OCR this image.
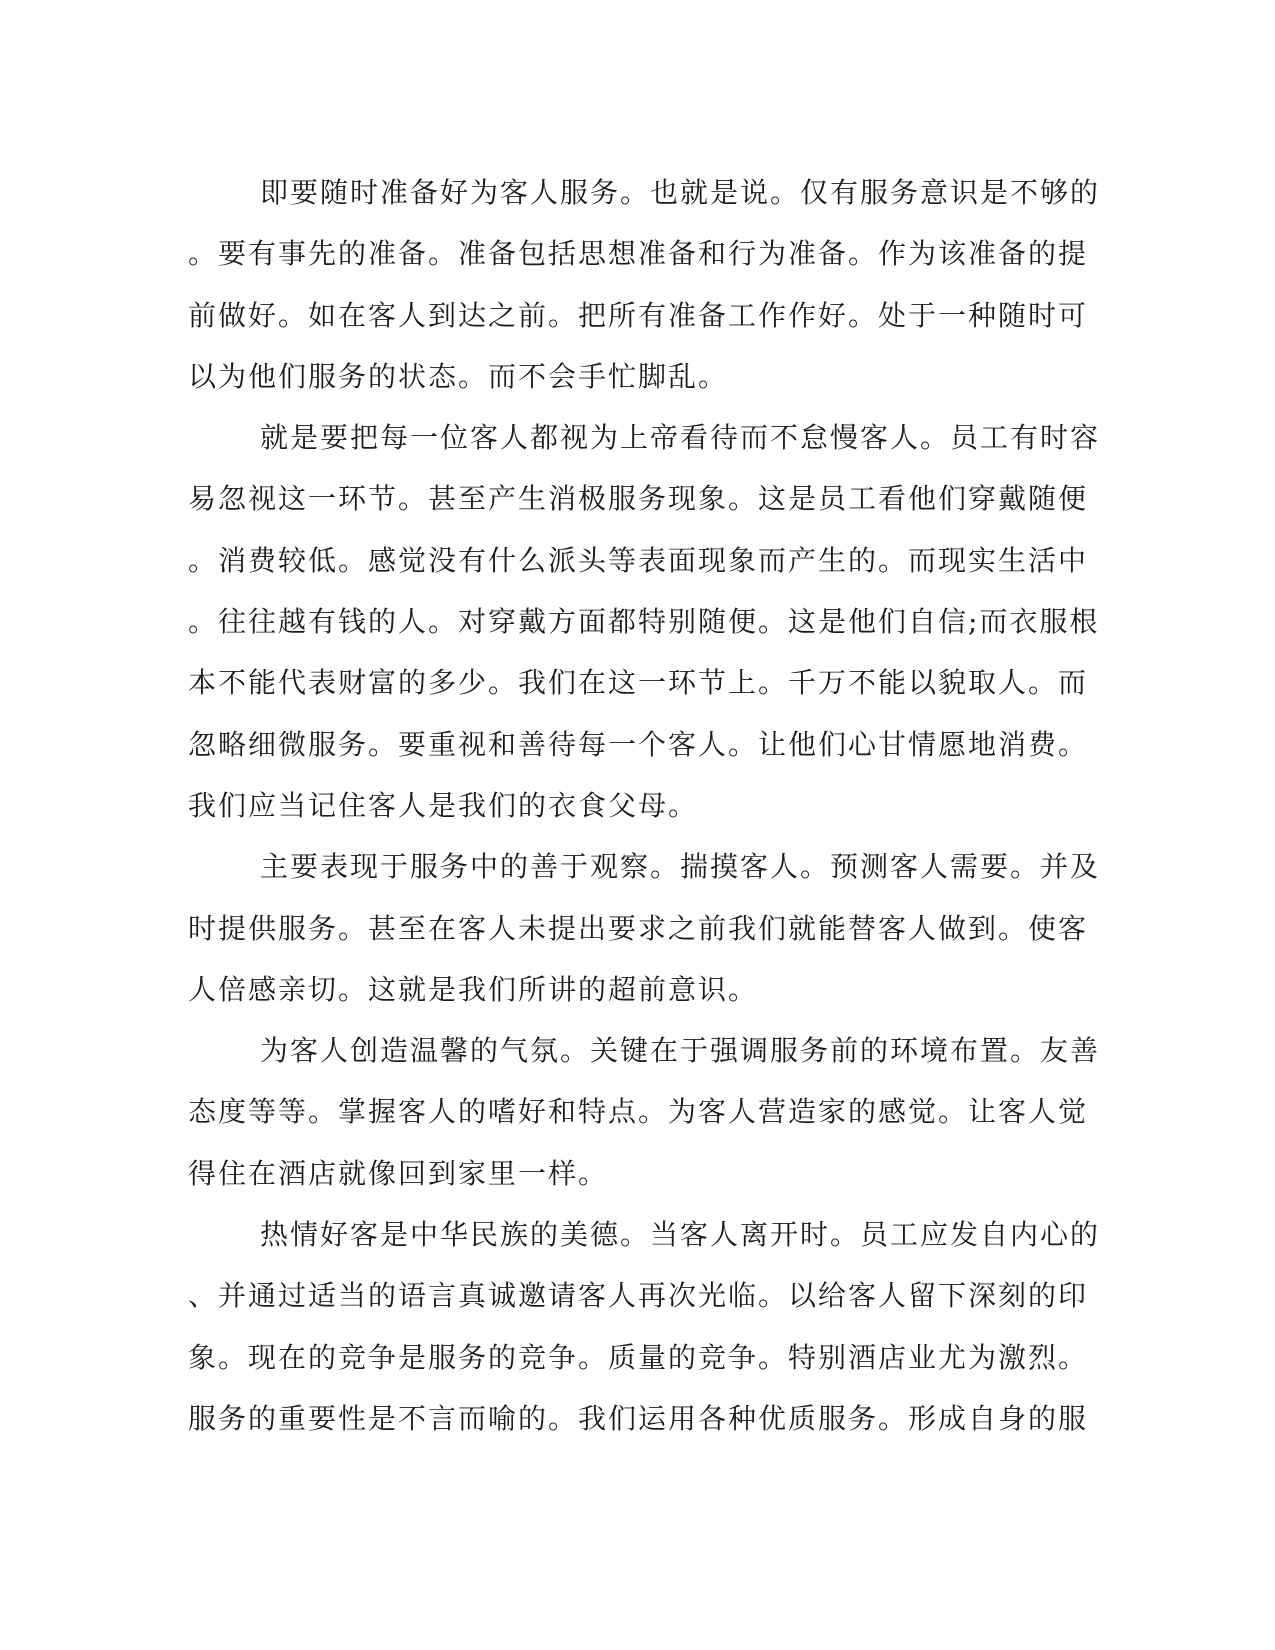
即要随时准备好为客人服务。也就是说。仅有服务意识是不够的
。要有事先的准备。准备包括思想准备和行为准备。作为该准备的提
前做好。如在客人到达之前。把所有准备工作作好。处于一种随时可
以为他们服务的状态。而不会手忙脚乱。
就是要把每一位客人都视为上帝看待而不怠慢客人。员工有时容
易忽视这一环节。甚至产生消极服务现象。这是员工看他们穿戴随便
。消费较低。感觉没有什么派头等表面现象而产生的。而现实生活中
。往往越有钱的人。对穿戴方面都特别随便。这是他们自信;而衣服根
本不能代表财富的多少。我们在这一环节上。千万不能以貌取人。而
忽略细微服务。要重视和善待每一个客人。让他们心甘情愿地消费。
我们应当记住客人是我们的衣食父母。
主要表现于服务中的善于观察。揣摸客人。预测客人需要。并及
时提供服务。甚至在客人未提出要求之前我们就能替客人做到。使客
人倍感亲切。这就是我们所讲的超前意识。
为客人创造温馨的气氛。关键在于强调服务前的环境布置。友善
态度等等。掌握客人的嗜好和特点。为客人营造家的感觉。让客人觉
得住在酒店就像回到家里一样。
热情好客是中华民族的美德。当客人离开时。员工应发自内心的
、并通过适当的语言真诚邀请客人再次光临。以给客人留下深刻的印
象。现在的竞争是服务的竞争。质量的竞争。特别酒店业尤为激烈。
服务的重要性是不言而喻的。我们运用各种优质服务。形成自身的服
